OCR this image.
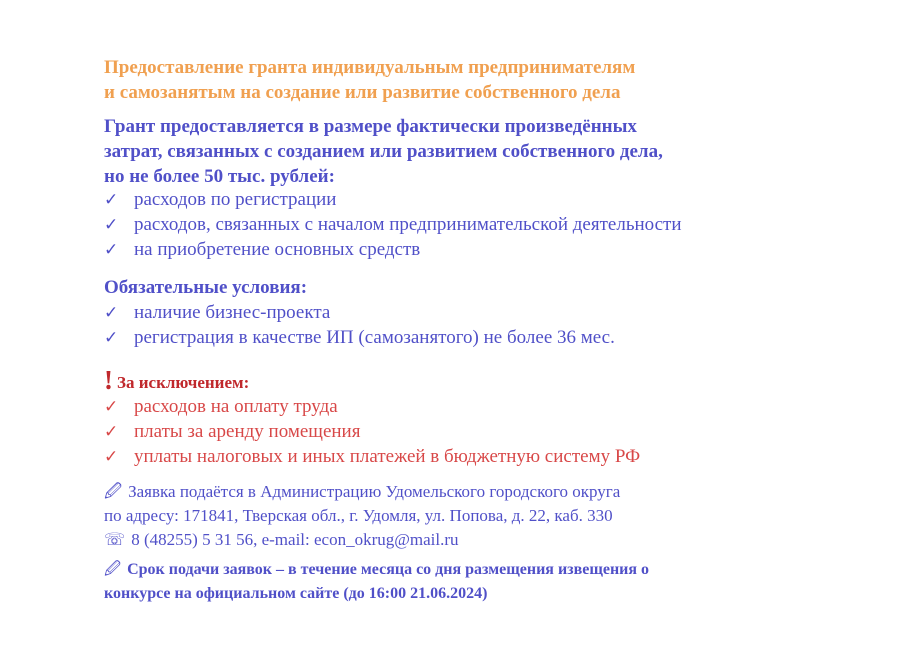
Предоставление гранта индивидуальным предпринимателям
и самозанятым на создание или развитие собственного дела
Грант предоставляется в размере фактически произведённых
затрат, связанных с созданием или развитием собственного дела,
но не более 50 тыс. рублей:
✓ расходов по регистрации
✓ расходов, связанных с началом предпринимательской деятельности
✓ на приобретение основных средств
Обязательные условия:
✓ наличие бизнес-проекта
✓ регистрация в качестве ИП (самозанятого) не более 36 мес.
! За исключением:
✓ расходов на оплату труда
✓ платы за аренду помещения
✓ уплаты налоговых и иных платежей в бюджетную систему РФ
🖉 Заявка подаётся в Администрацию Удомельского городского округа
по адресу: 171841, Тверская обл., г. Удомля, ул. Попова, д. 22, каб. 330
☏ 8 (48255) 5 31 56, e-mail: econ_okrug@mail.ru
🖉 Срок подачи заявок – в течение месяца со дня размещения извещения о
конкурсе на официальном сайте (до 16:00 21.06.2024)
